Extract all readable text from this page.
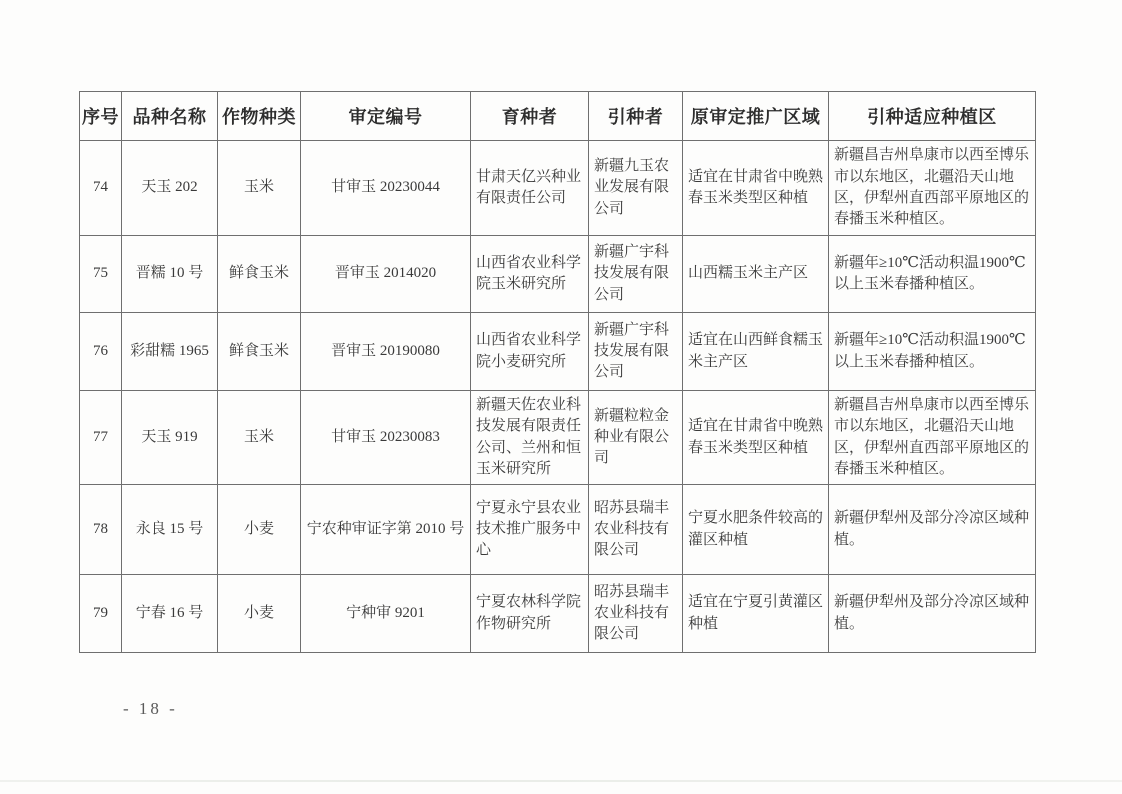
序号	品种名称	作物种类	审定编号	育种者	引种者	原审定推广区域	引种适应种植区
74	天玉 202	玉米	甘审玉 20230044	甘肃天亿兴种业有限责任公司	新疆九玉农业发展有限公司	适宜在甘肃省中晚熟春玉米类型区种植	新疆昌吉州阜康市以西至博乐市以东地区，北疆沿天山地区，伊犁州直西部平原地区的春播玉米种植区。
75	晋糯 10 号	鲜食玉米	晋审玉 2014020	山西省农业科学院玉米研究所	新疆广宇科技发展有限公司	山西糯玉米主产区	新疆年≥10℃活动积温1900℃以上玉米春播种植区。
76	彩甜糯 1965	鲜食玉米	晋审玉 20190080	山西省农业科学院小麦研究所	新疆广宇科技发展有限公司	适宜在山西鲜食糯玉米主产区	新疆年≥10℃活动积温1900℃以上玉米春播种植区。
77	天玉 919	玉米	甘审玉 20230083	新疆天佐农业科技发展有限责任公司、兰州和恒玉米研究所	新疆粒粒金种业有限公司	适宜在甘肃省中晚熟春玉米类型区种植	新疆昌吉州阜康市以西至博乐市以东地区，北疆沿天山地区，伊犁州直西部平原地区的春播玉米种植区。
78	永良 15 号	小麦	宁农种审证字第 2010 号	宁夏永宁县农业技术推广服务中心	昭苏县瑞丰农业科技有限公司	宁夏水肥条件较高的灌区种植	新疆伊犁州及部分冷凉区域种植。
79	宁春 16 号	小麦	宁种审 9201	宁夏农林科学院作物研究所	昭苏县瑞丰农业科技有限公司	适宜在宁夏引黄灌区种植	新疆伊犁州及部分冷凉区域种植。
- 18 -
